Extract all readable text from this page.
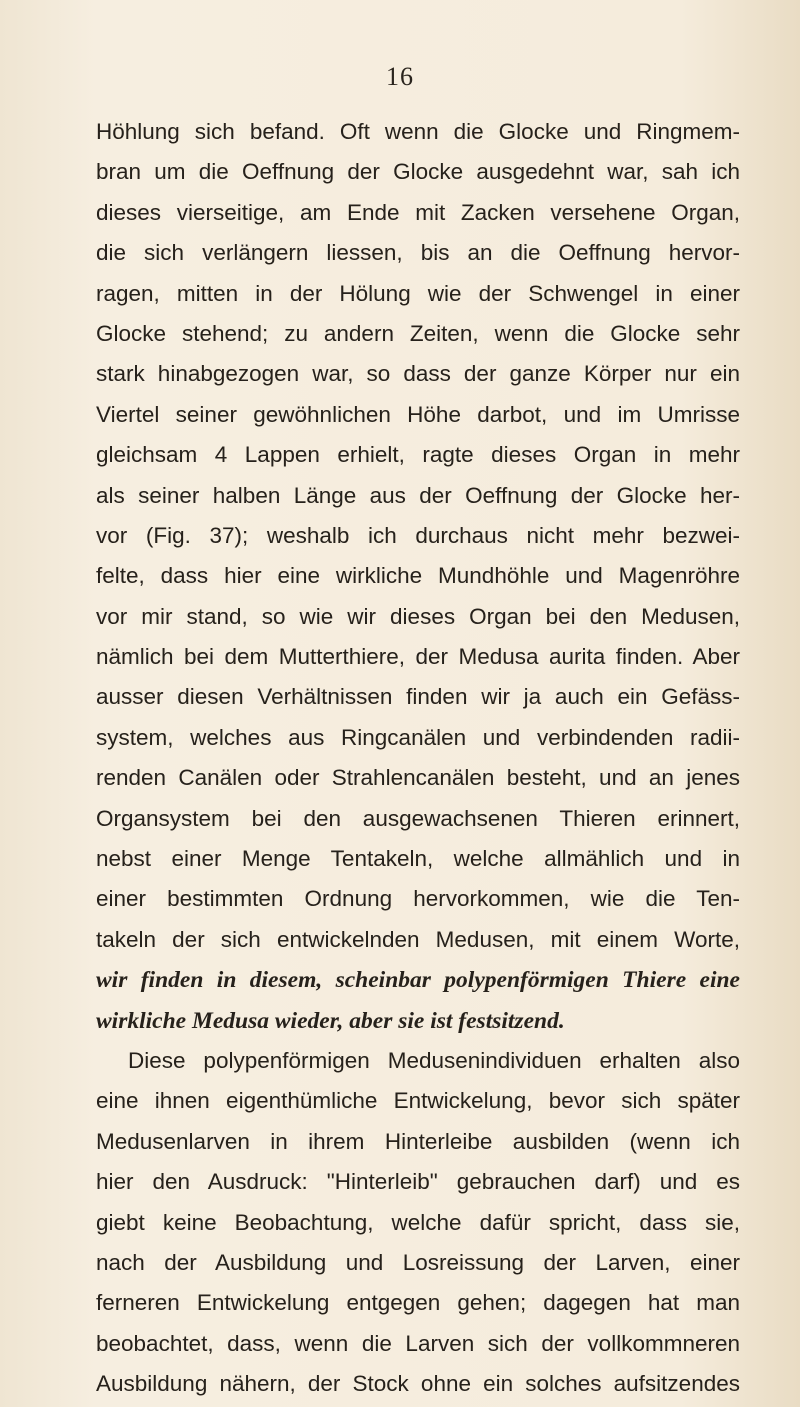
16
Höhlung sich befand. Oft wenn die Glocke und Ringmem-
bran um die Oeffnung der Glocke ausgedehnt war, sah ich
dieses vierseitige, am Ende mit Zacken versehene Organ,
die sich verlängern liessen, bis an die Oeffnung hervor-
ragen, mitten in der Hölung wie der Schwengel in einer
Glocke stehend; zu andern Zeiten, wenn die Glocke sehr
stark hinabgezogen war, so dass der ganze Körper nur ein
Viertel seiner gewöhnlichen Höhe darbot, und im Umrisse
gleichsam 4 Lappen erhielt, ragte dieses Organ in mehr
als seiner halben Länge aus der Oeffnung der Glocke her-
vor (Fig. 37); weshalb ich durchaus nicht mehr bezwei-
felte, dass hier eine wirkliche Mundhöhle und Magenröhre
vor mir stand, so wie wir dieses Organ bei den Medusen,
nämlich bei dem Mutterthiere, der Medusa aurita finden. Aber
ausser diesen Verhältnissen finden wir ja auch ein Gefäss-
system, welches aus Ringcanälen und verbindenden radii-
renden Canälen oder Strahlencanälen besteht, und an jenes
Organsystem bei den ausgewachsenen Thieren erinnert,
nebst einer Menge Tentakeln, welche allmählich und in
einer bestimmten Ordnung hervorkommen, wie die Ten-
takeln der sich entwickelnden Medusen, mit einem Worte,
wir finden in diesem, scheinbar polypenförmigen Thiere eine
wirkliche Medusa wieder, aber sie ist festsitzend.
Diese polypenförmigen Medusenindividuen erhalten also
eine ihnen eigenthümliche Entwickelung, bevor sich später
Medusenlarven in ihrem Hinterleibe ausbilden (wenn ich
hier den Ausdruck: "Hinterleib" gebrauchen darf) und es
giebt keine Beobachtung, welche dafür spricht, dass sie,
nach der Ausbildung und Losreissung der Larven, einer
ferneren Entwickelung entgegen gehen; dagegen hat man
beobachtet, dass, wenn die Larven sich der vollkommneren
Ausbildung nähern, der Stock ohne ein solches aufsitzendes
